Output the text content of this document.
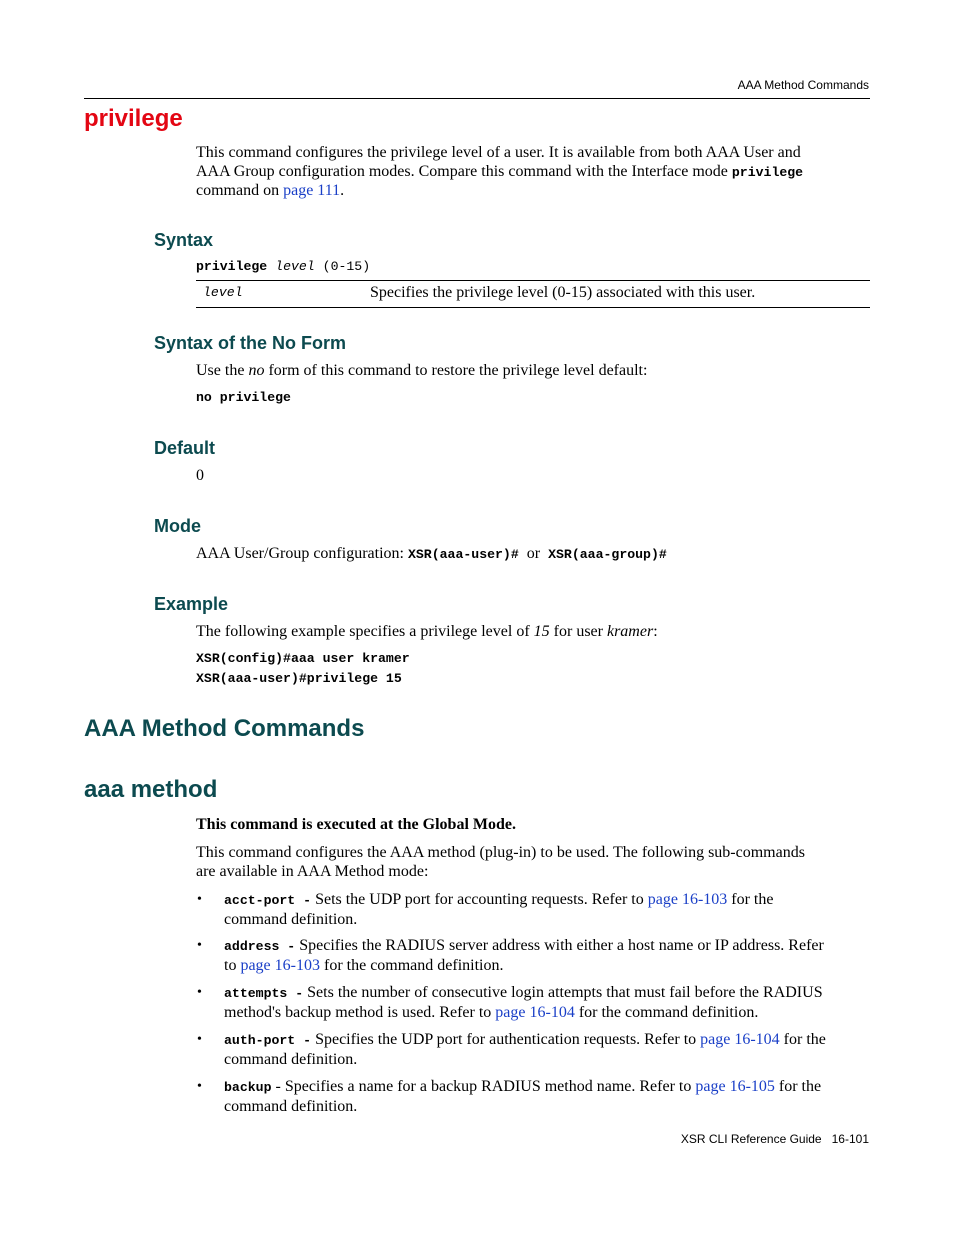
AAA Method Commands
privilege
This command configures the privilege level of a user. It is available from both AAA User and
AAA Group configuration modes. Compare this command with the Interface mode privilege
command on page 111.
Syntax
privilege level (0-15)
level	Specifies the privilege level (0-15) associated with this user.
Syntax of the No Form
Use the no form of this command to restore the privilege level default:
no privilege
Default
0
Mode
AAA User/Group configuration: XSR(aaa-user)# or XSR(aaa-group)#
Example
The following example specifies a privilege level of 15 for user kramer:
XSR(config)#aaa user kramer
XSR(aaa-user)#privilege 15
AAA Method Commands
aaa method
This command is executed at the Global Mode.
This command configures the AAA method (plug-in) to be used. The following sub-commands
are available in AAA Method mode:
• acct-port - Sets the UDP port for accounting requests. Refer to page 16-103 for the
command definition.
• address - Specifies the RADIUS server address with either a host name or IP address. Refer
to page 16-103 for the command definition.
• attempts - Sets the number of consecutive login attempts that must fail before the RADIUS
method's backup method is used. Refer to page 16-104 for the command definition.
• auth-port - Specifies the UDP port for authentication requests. Refer to page 16-104 for the
command definition.
• backup - Specifies a name for a backup RADIUS method name. Refer to page 16-105 for the
command definition.
XSR CLI Reference Guide 16-101
